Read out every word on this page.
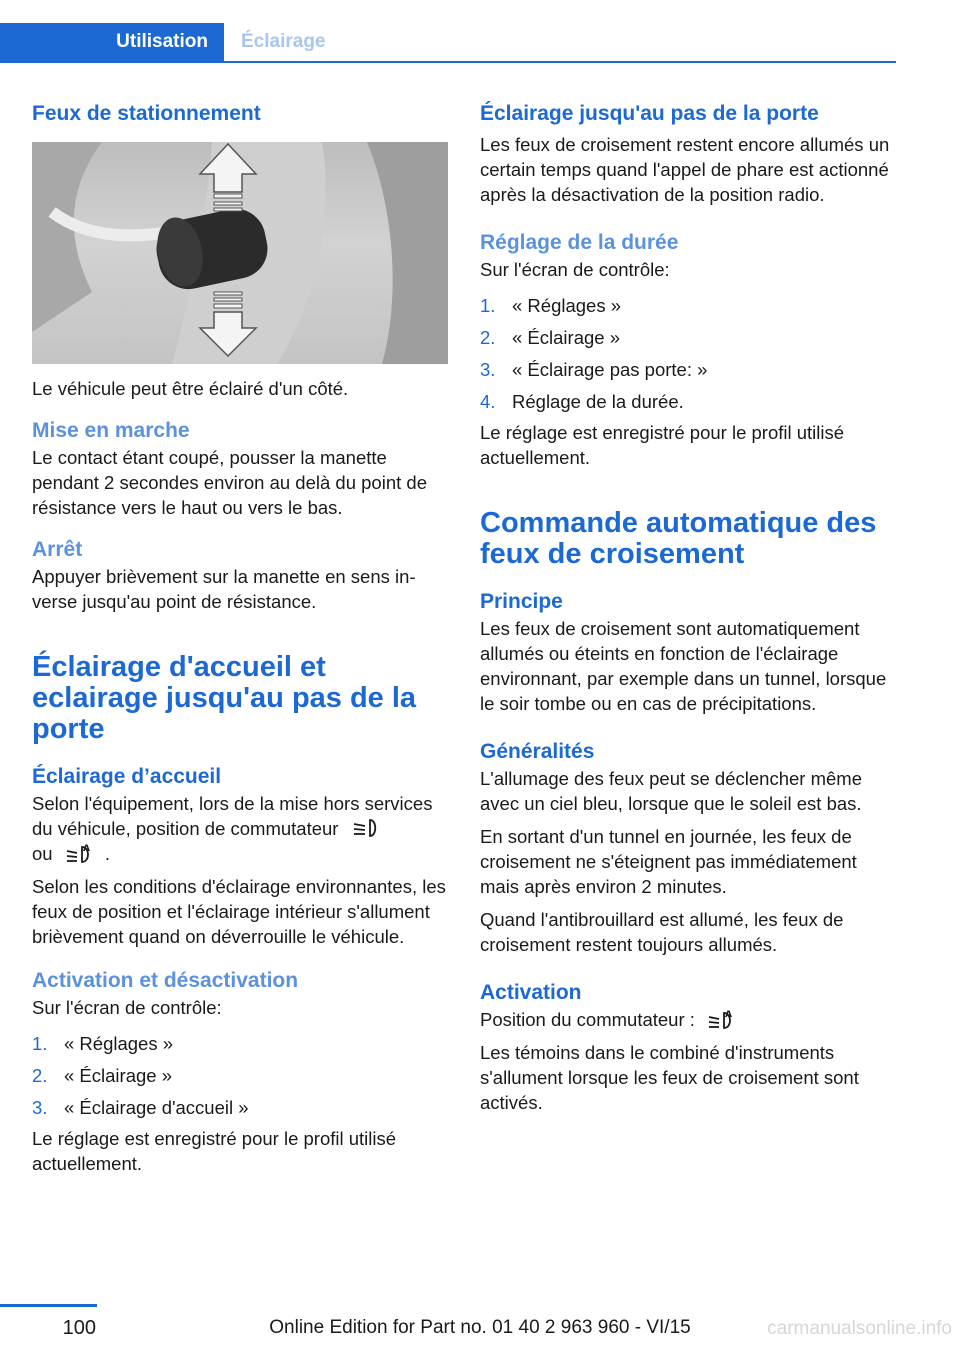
Utilisation	Éclairage
Feux de stationnement
Le véhicule peut être éclairé d'un côté.
Mise en marche
Le contact étant coupé, pousser la manette pendant 2 secondes environ au delà du point de résistance vers le haut ou vers le bas.
Arrêt
Appuyer brièvement sur la manette en sens inverse jusqu'au point de résistance.
Éclairage d'accueil et eclairage jusqu'au pas de la porte
Éclairage d’accueil
Selon l'équipement, lors de la mise hors services du véhicule, position de commutateur
ou	A .
Selon les conditions d'éclairage environnantes, les feux de position et l'éclairage intérieur s'allument brièvement quand on déverrouille le véhicule.
Activation et désactivation
Sur l'écran de contrôle:
1. « Réglages »
2. « Éclairage »
3. « Éclairage d'accueil »
Le réglage est enregistré pour le profil utilisé actuellement.
Éclairage jusqu'au pas de la porte
Les feux de croisement restent encore allumés un certain temps quand l'appel de phare est actionné après la désactivation de la position radio.
Réglage de la durée
Sur l'écran de contrôle:
1. « Réglages »
2. « Éclairage »
3. « Éclairage pas porte: »
4. Réglage de la durée.
Le réglage est enregistré pour le profil utilisé actuellement.
Commande automatique des feux de croisement
Principe
Les feux de croisement sont automatiquement allumés ou éteints en fonction de l'éclairage environnant, par exemple dans un tunnel, lorsque le soir tombe ou en cas de précipitations.
Généralités
L'allumage des feux peut se déclencher même avec un ciel bleu, lorsque que le soleil est bas.
En sortant d'un tunnel en journée, les feux de croisement ne s'éteignent pas immédiatement mais après environ 2 minutes.
Quand l'antibrouillard est allumé, les feux de croisement restent toujours allumés.
Activation
Position du commutateur :	A
Les témoins dans le combiné d'instruments s'allument lorsque les feux de croisement sont activés.
100	Online Edition for Part no. 01 40 2 963 960 - VI/15	carmanualsonline.info
